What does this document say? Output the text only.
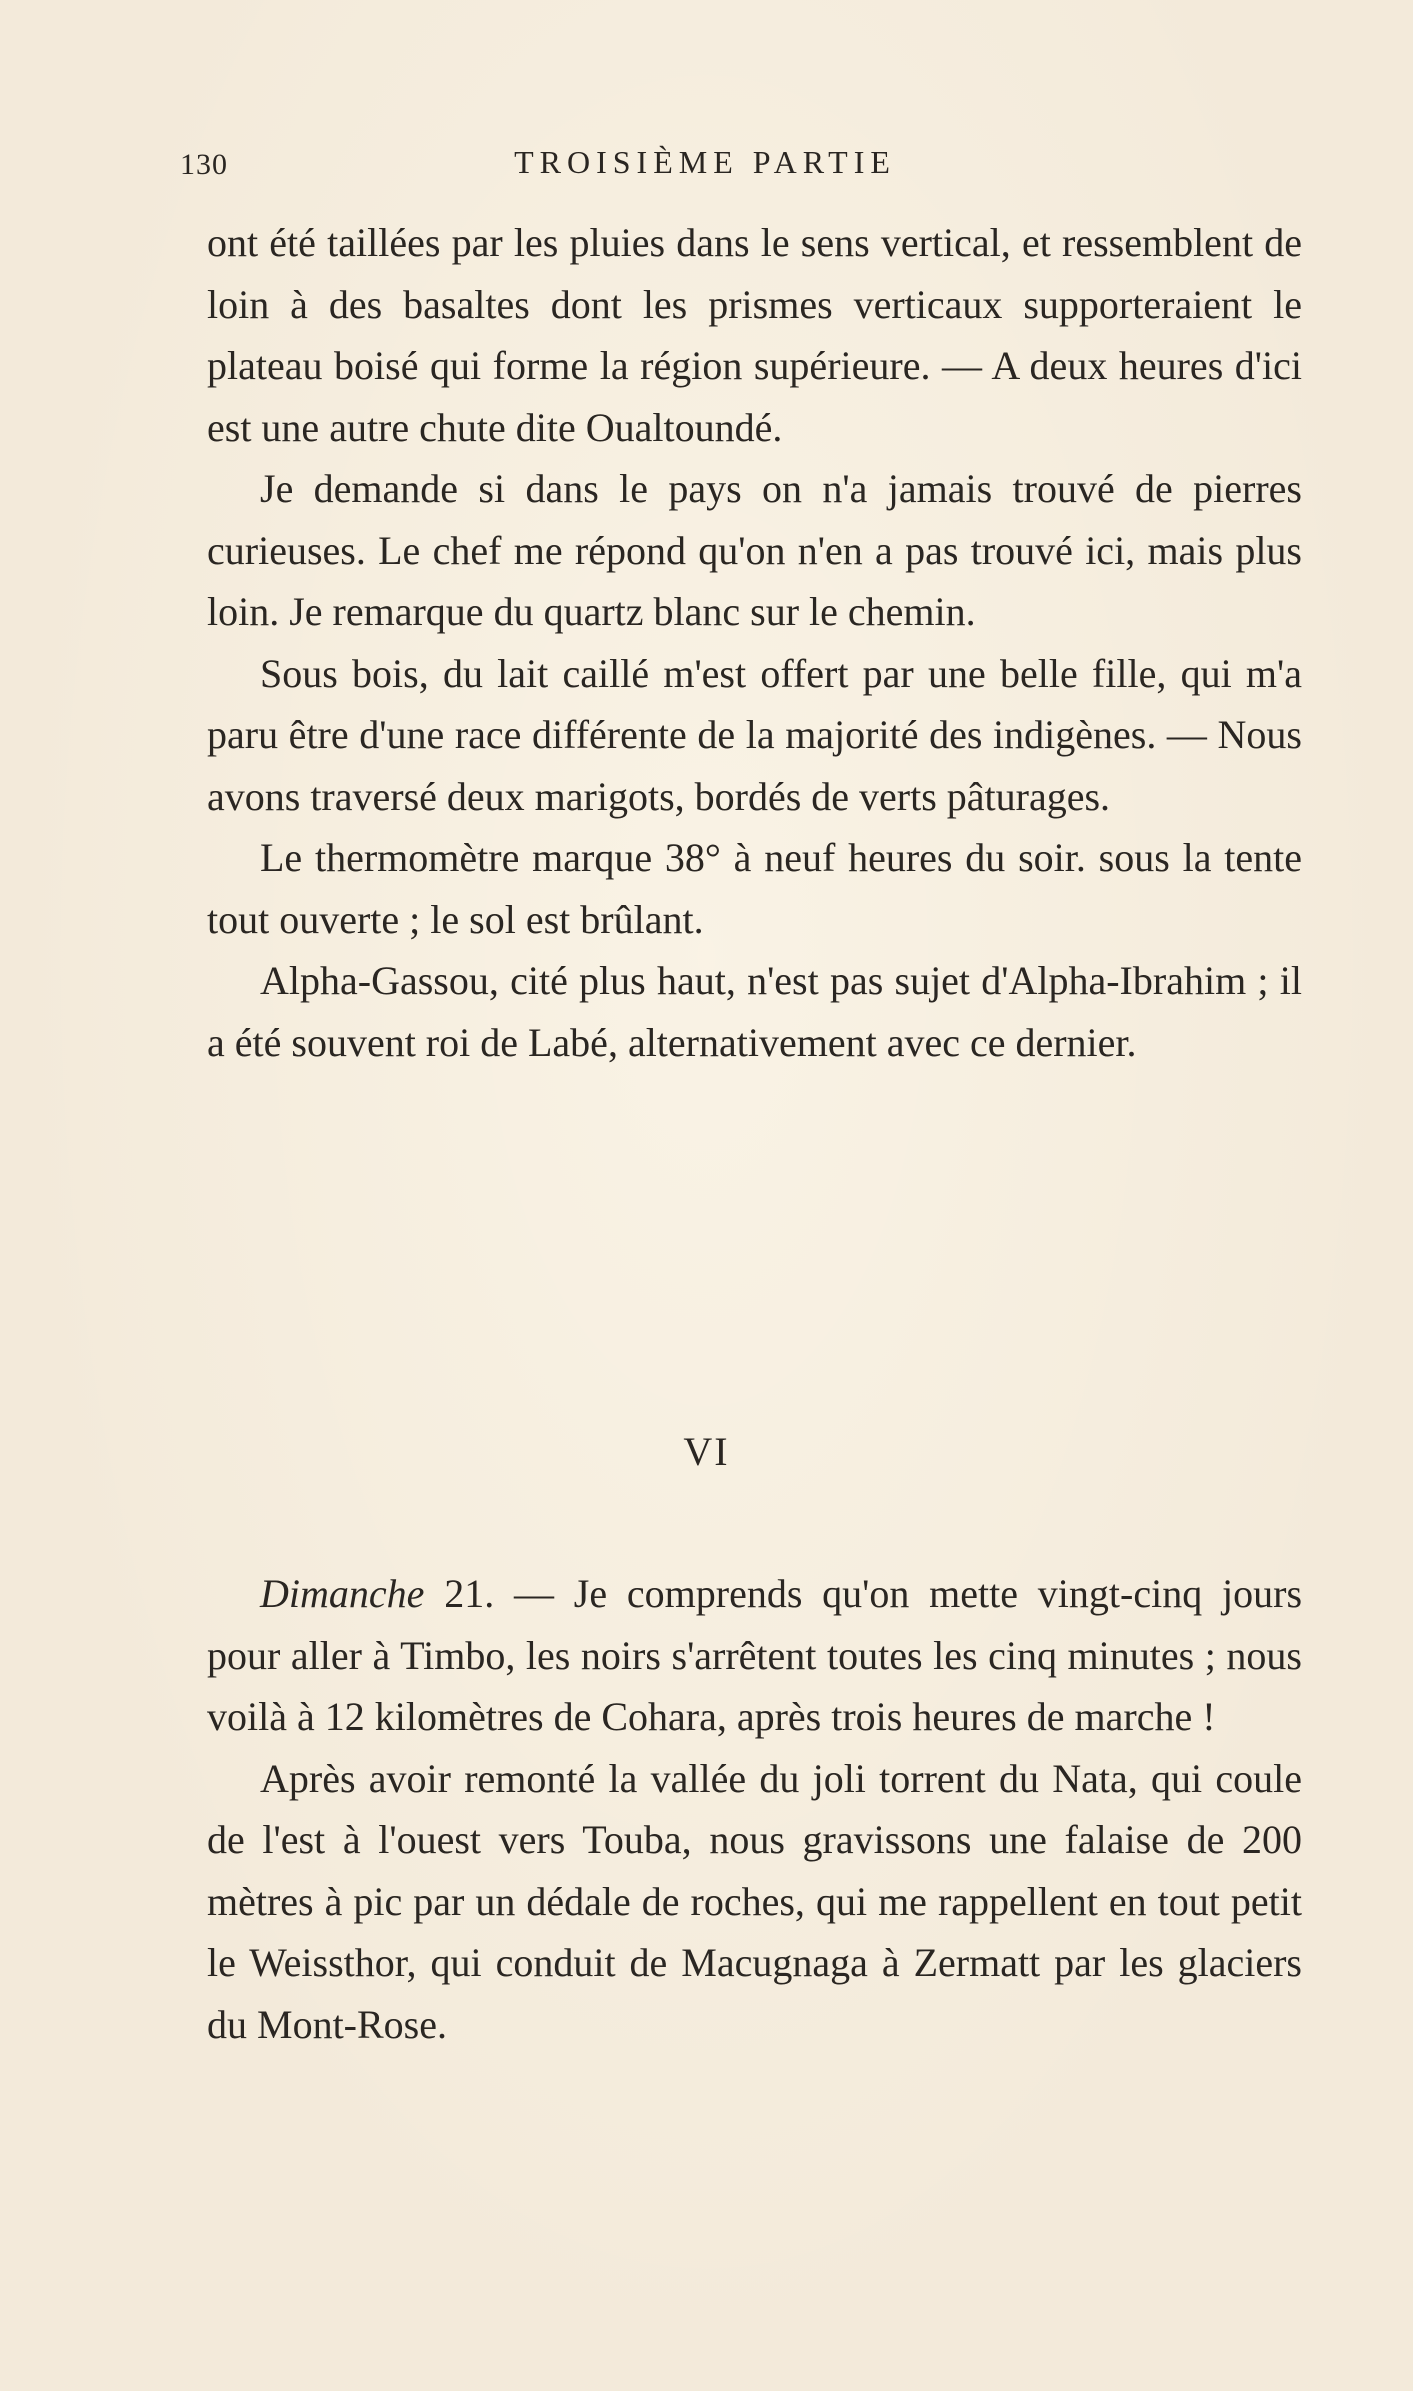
130	TROISIÈME PARTIE

ont été taillées par les pluies dans le sens vertical, et ressemblent de loin à des basaltes dont les prismes verticaux supporteraient le plateau boisé qui forme la région supérieure. — A deux heures d'ici est une autre chute dite Oualtoundé.

Je demande si dans le pays on n'a jamais trouvé de pierres curieuses. Le chef me répond qu'on n'en a pas trouvé ici, mais plus loin. Je remarque du quartz blanc sur le chemin.

Sous bois, du lait caillé m'est offert par une belle fille, qui m'a paru être d'une race différente de la majorité des indigènes. — Nous avons traversé deux marigots, bordés de verts pâturages.

Le thermomètre marque 38° à neuf heures du soir. sous la tente tout ouverte ; le sol est brûlant.

Alpha-Gassou, cité plus haut, n'est pas sujet d'Alpha-Ibrahim ; il a été souvent roi de Labé, alternativement avec ce dernier.

VI

Dimanche 21. — Je comprends qu'on mette vingt-cinq jours pour aller à Timbo, les noirs s'arrêtent toutes les cinq minutes ; nous voilà à 12 kilomètres de Cohara, après trois heures de marche !

Après avoir remonté la vallée du joli torrent du Nata, qui coule de l'est à l'ouest vers Touba, nous gravissons une falaise de 200 mètres à pic par un dédale de roches, qui me rappellent en tout petit le Weissthor, qui conduit de Macugnaga à Zermatt par les glaciers du Mont-Rose.
